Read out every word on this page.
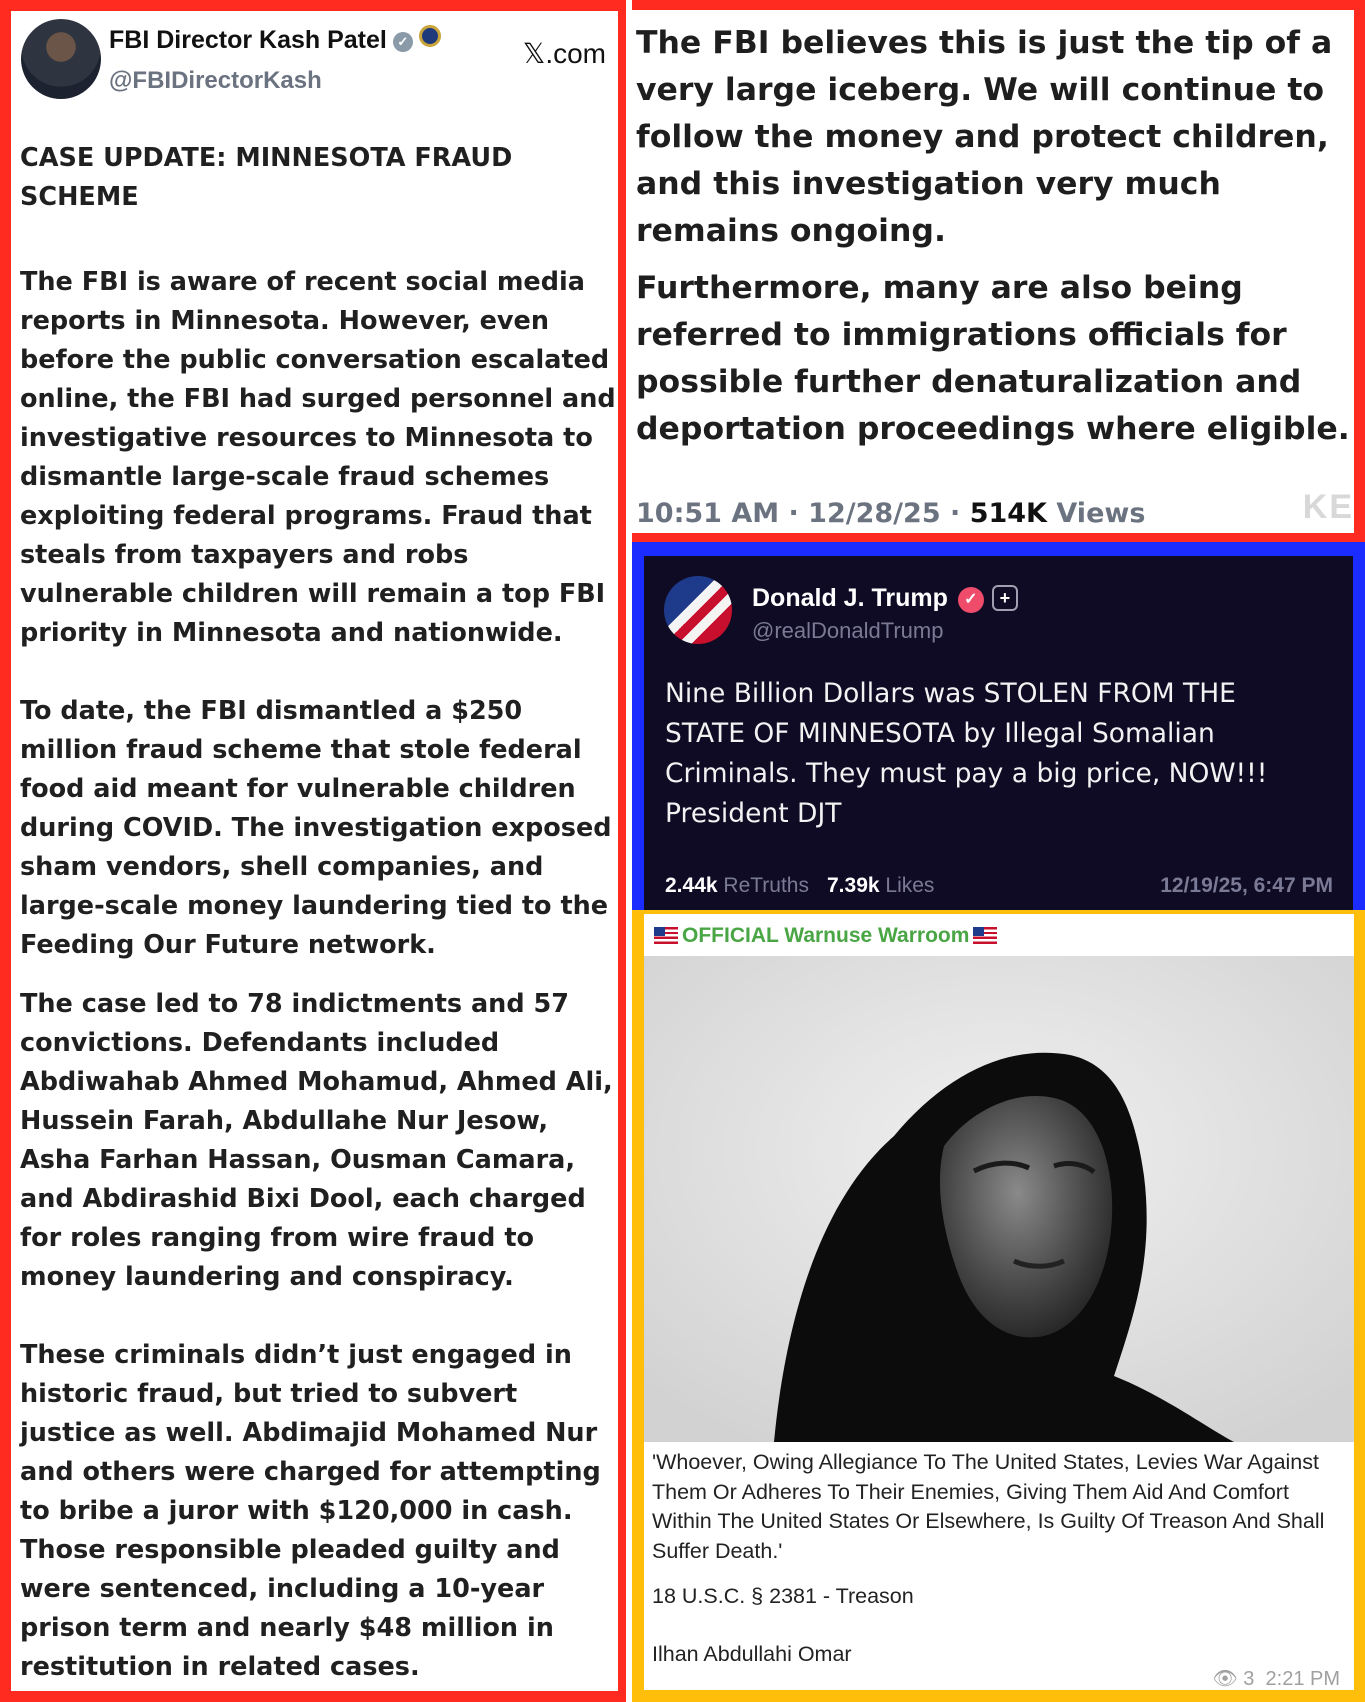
FBI Director Kash Patel ✓
@FBIDirectorKash
𝕏.com
CASE UPDATE: MINNESOTA FRAUD SCHEME
The FBI is aware of recent social media reports in Minnesota. However, even before the public conversation escalated online, the FBI had surged personnel and investigative resources to Minnesota to dismantle large-scale fraud schemes exploiting federal programs. Fraud that steals from taxpayers and robs vulnerable children will remain a top FBI priority in Minnesota and nationwide.
To date, the FBI dismantled a $250 million fraud scheme that stole federal food aid meant for vulnerable children during COVID. The investigation exposed sham vendors, shell companies, and large-scale money laundering tied to the Feeding Our Future network.
The case led to 78 indictments and 57 convictions. Defendants included Abdiwahab Ahmed Mohamud, Ahmed Ali, Hussein Farah, Abdullahe Nur Jesow, Asha Farhan Hassan, Ousman Camara, and Abdirashid Bixi Dool, each charged for roles ranging from wire fraud to money laundering and conspiracy.
These criminals didn’t just engaged in historic fraud, but tried to subvert justice as well. Abdimajid Mohamed Nur and others were charged for attempting to bribe a juror with $120,000 in cash. Those responsible pleaded guilty and were sentenced, including a 10-year prison term and nearly $48 million in restitution in related cases.
The FBI believes this is just the tip of a very large iceberg. We will continue to follow the money and protect children, and this investigation very much remains ongoing.
Furthermore, many are also being referred to immigrations officials for possible further denaturalization and deportation proceedings where eligible.
10:51 AM · 12/28/25 · 514K Views	KE
Donald J. Trump ✓ +
@realDonaldTrump
Nine Billion Dollars was STOLEN FROM THE STATE OF MINNESOTA by Illegal Somalian Criminals. They must pay a big price, NOW!!! President DJT
2.44k ReTruths 7.39k Likes	12/19/25, 6:47 PM
OFFICIAL Warnuse Warroom
'Whoever, Owing Allegiance To The United States, Levies War Against Them Or Adheres To Their Enemies, Giving Them Aid And Comfort Within The United States Or Elsewhere, Is Guilty Of Treason And Shall Suffer Death.'
18 U.S.C. § 2381 - Treason
Ilhan Abdullahi Omar
👁 3 2:21 PM
